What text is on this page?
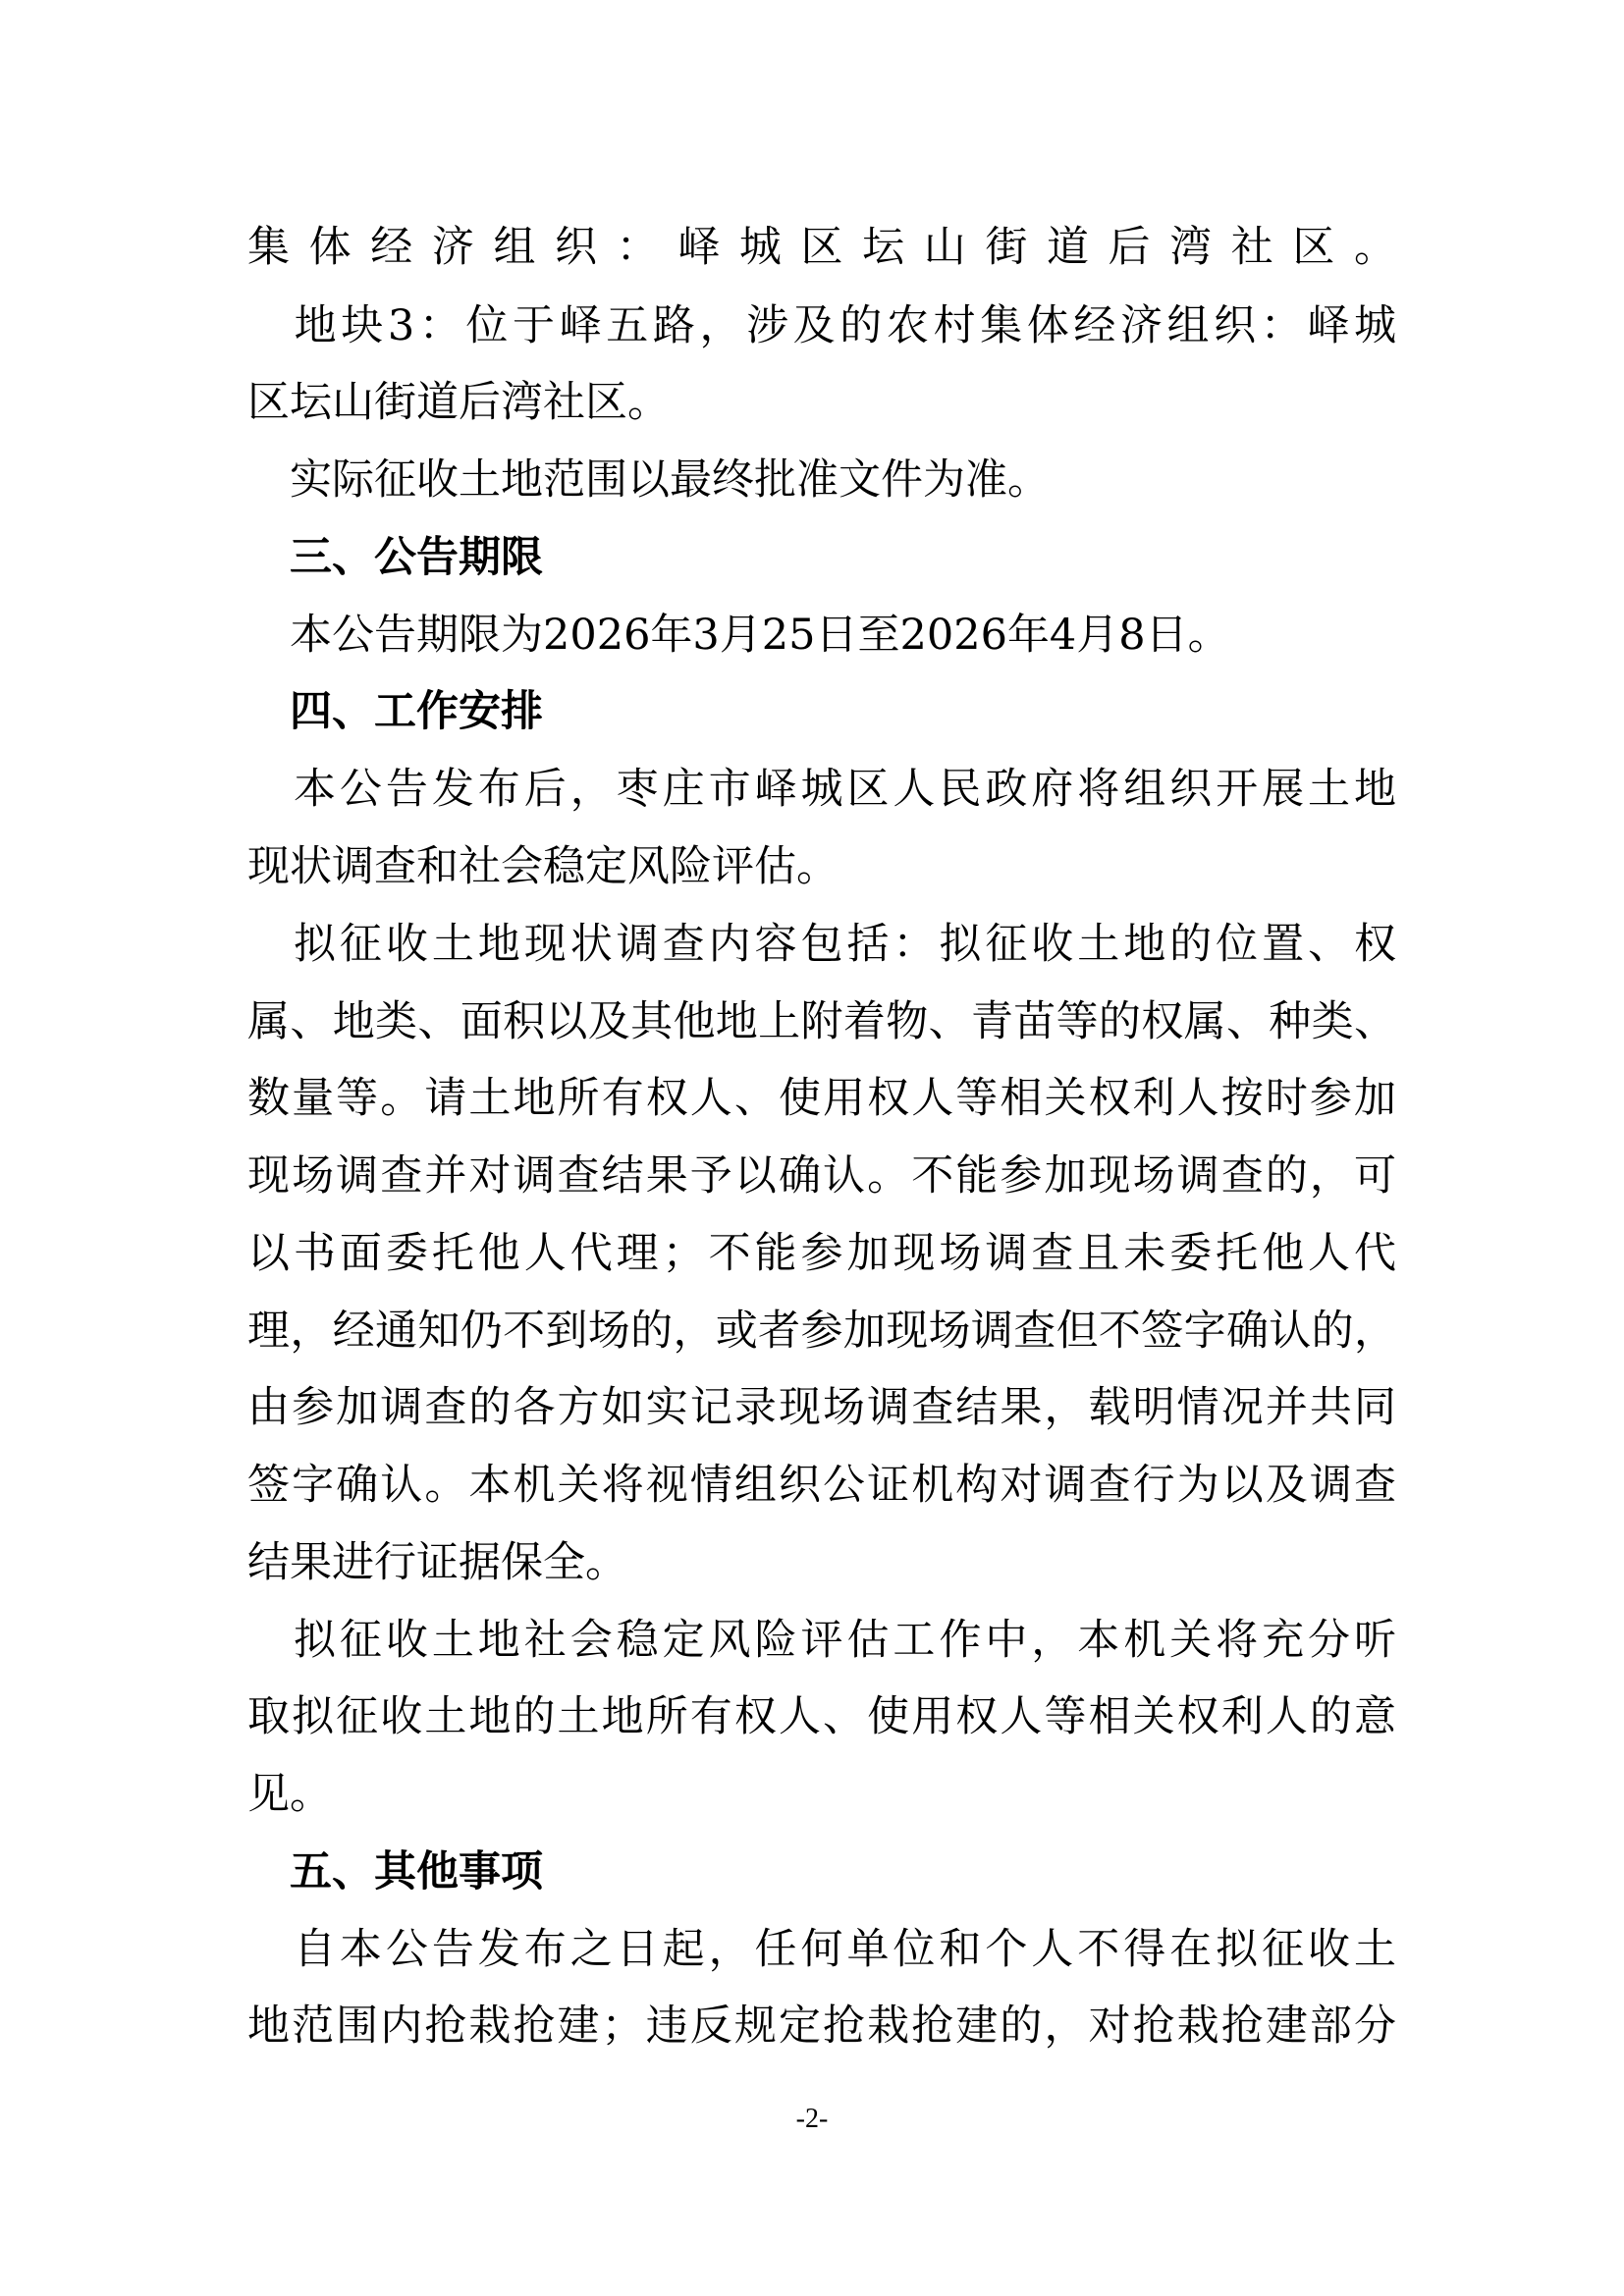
集体经济组织：峄城区坛山街道后湾社区。
　地块3：位于峄五路，涉及的农村集体经济组织：峄城
区坛山街道后湾社区。
　实际征收土地范围以最终批准文件为准。
　三、公告期限
　本公告期限为2026年3月25日至2026年4月8日。
　四、工作安排
　本公告发布后，枣庄市峄城区人民政府将组织开展土地
现状调查和社会稳定风险评估。
　拟征收土地现状调查内容包括：拟征收土地的位置、权
属、地类、面积以及其他地上附着物、青苗等的权属、种类、
数量等。请土地所有权人、使用权人等相关权利人按时参加
现场调查并对调查结果予以确认。不能参加现场调查的，可
以书面委托他人代理；不能参加现场调查且未委托他人代
理，经通知仍不到场的，或者参加现场调查但不签字确认的，
由参加调查的各方如实记录现场调查结果，载明情况并共同
签字确认。本机关将视情组织公证机构对调查行为以及调查
结果进行证据保全。
　拟征收土地社会稳定风险评估工作中，本机关将充分听
取拟征收土地的土地所有权人、使用权人等相关权利人的意
见。
　五、其他事项
　自本公告发布之日起，任何单位和个人不得在拟征收土
地范围内抢栽抢建；违反规定抢栽抢建的，对抢栽抢建部分
-2-
